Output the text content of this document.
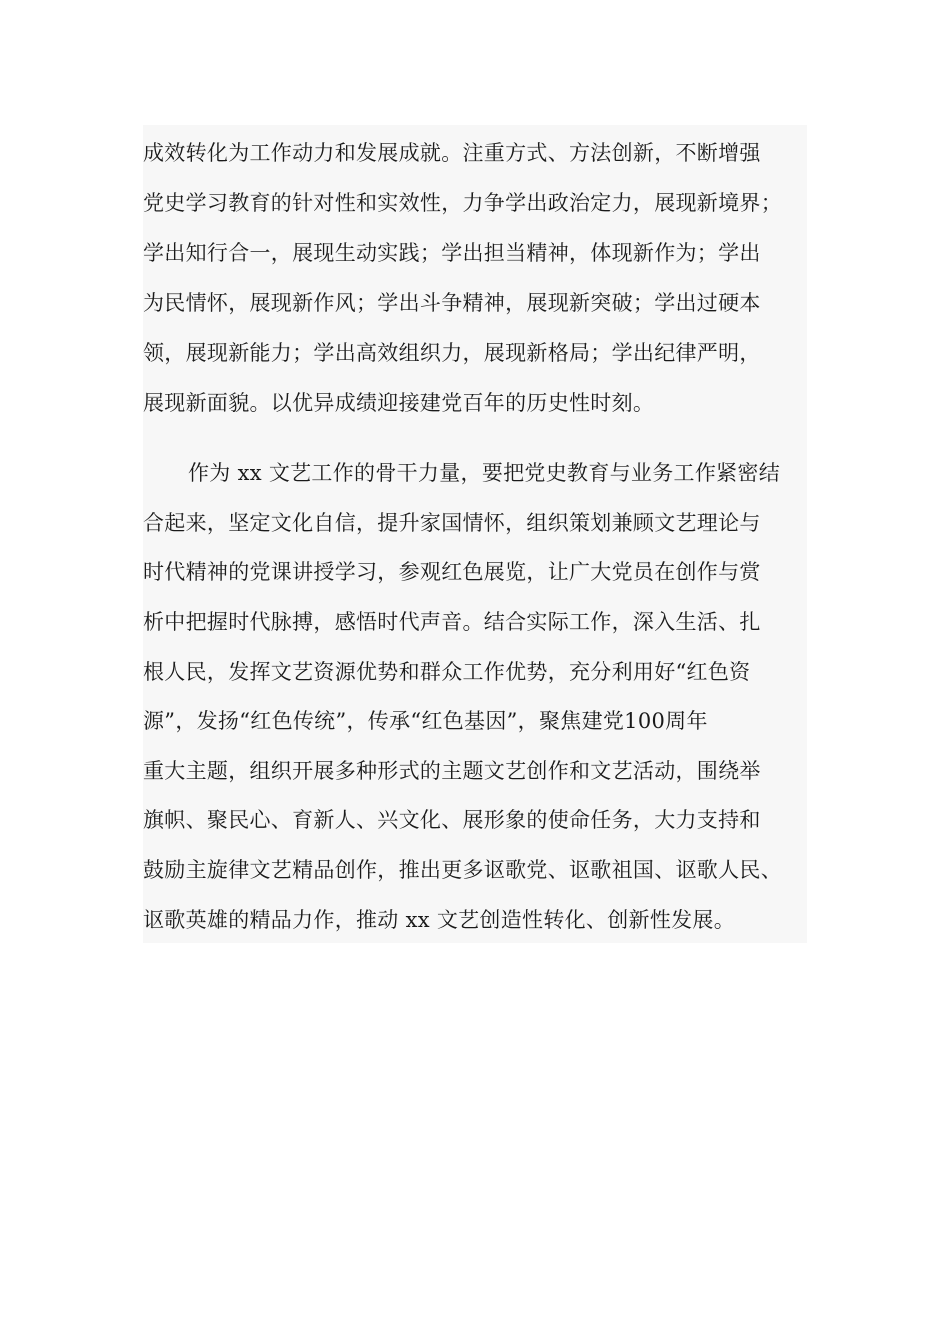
成效转化为工作动力和发展成就。注重方式、方法创新，不断增强
党史学习教育的针对性和实效性，力争学出政治定力，展现新境界；
学出知行合一，展现生动实践；学出担当精神，体现新作为；学出
为民情怀，展现新作风；学出斗争精神，展现新突破；学出过硬本
领，展现新能力；学出高效组织力，展现新格局；学出纪律严明，
展现新面貌。以优异成绩迎接建党百年的历史性时刻。
作为 xx 文艺工作的骨干力量，要把党史教育与业务工作紧密结
合起来，坚定文化自信，提升家国情怀，组织策划兼顾文艺理论与
时代精神的党课讲授学习，参观红色展览，让广大党员在创作与赏
析中把握时代脉搏，感悟时代声音。结合实际工作，深入生活、扎
根人民，发挥文艺资源优势和群众工作优势，充分利用好“红色资
源”，发扬“红色传统”，传承“红色基因”，聚焦建党100周年
重大主题，组织开展多种形式的主题文艺创作和文艺活动，围绕举
旗帜、聚民心、育新人、兴文化、展形象的使命任务，大力支持和
鼓励主旋律文艺精品创作，推出更多讴歌党、讴歌祖国、讴歌人民、
讴歌英雄的精品力作，推动 xx 文艺创造性转化、创新性发展。
